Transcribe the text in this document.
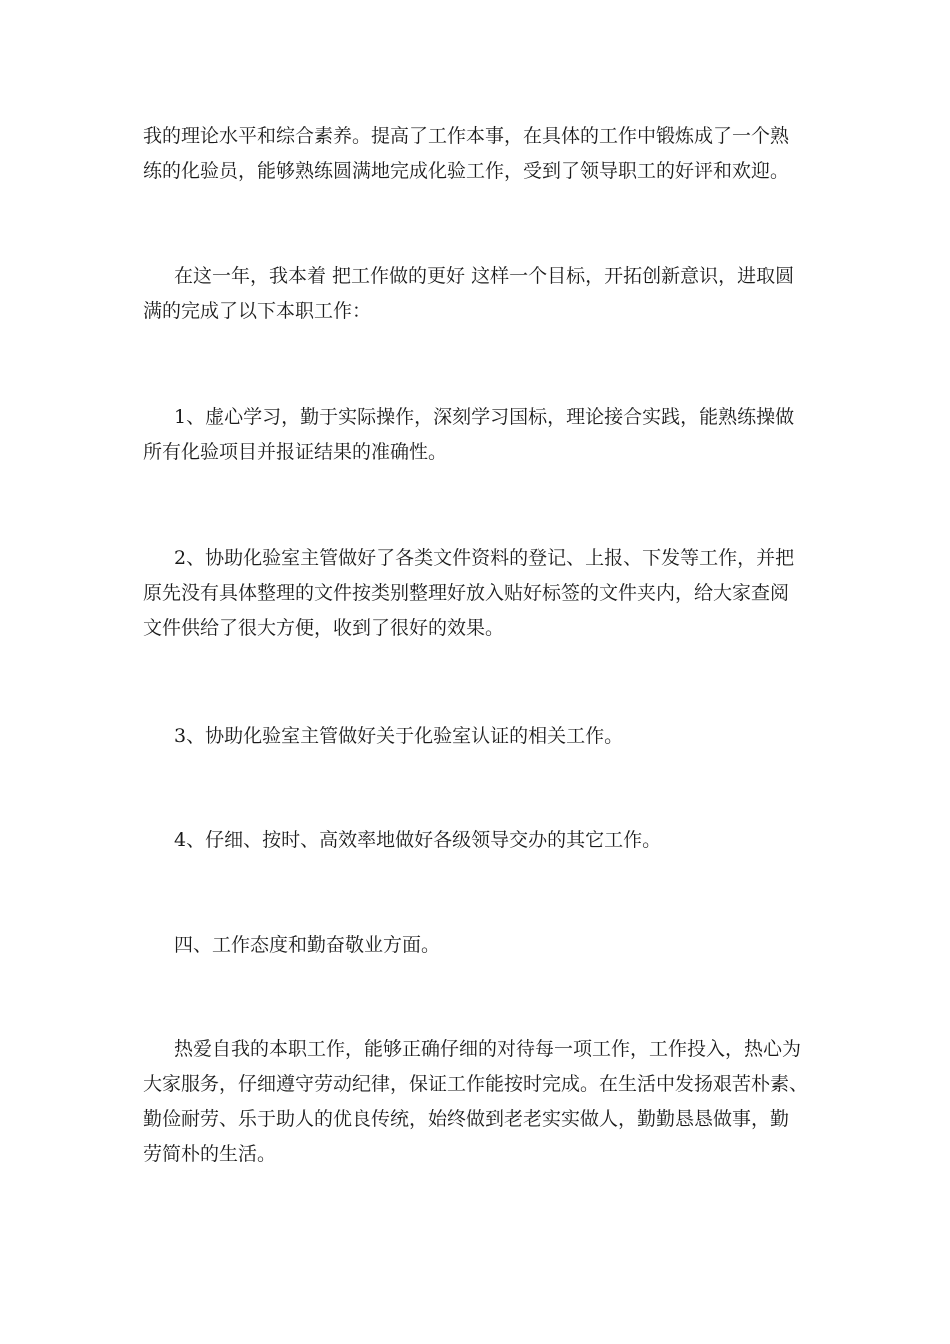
我的理论水平和综合素养。提高了工作本事，在具体的工作中锻炼成了一个熟
练的化验员，能够熟练圆满地完成化验工作，受到了领导职工的好评和欢迎。

在这一年，我本着 把工作做的更好 这样一个目标，开拓创新意识，进取圆
满的完成了以下本职工作：

1、虚心学习，勤于实际操作，深刻学习国标，理论接合实践，能熟练操做
所有化验项目并报证结果的准确性。

2、协助化验室主管做好了各类文件资料的登记、上报、下发等工作，并把
原先没有具体整理的文件按类别整理好放入贴好标签的文件夹内，给大家查阅
文件供给了很大方便，收到了很好的效果。

3、协助化验室主管做好关于化验室认证的相关工作。

4、仔细、按时、高效率地做好各级领导交办的其它工作。

四、工作态度和勤奋敬业方面。

热爱自我的本职工作，能够正确仔细的对待每一项工作，工作投入，热心为
大家服务，仔细遵守劳动纪律，保证工作能按时完成。在生活中发扬艰苦朴素、
勤俭耐劳、乐于助人的优良传统，始终做到老老实实做人，勤勤恳恳做事，勤
劳简朴的生活。
